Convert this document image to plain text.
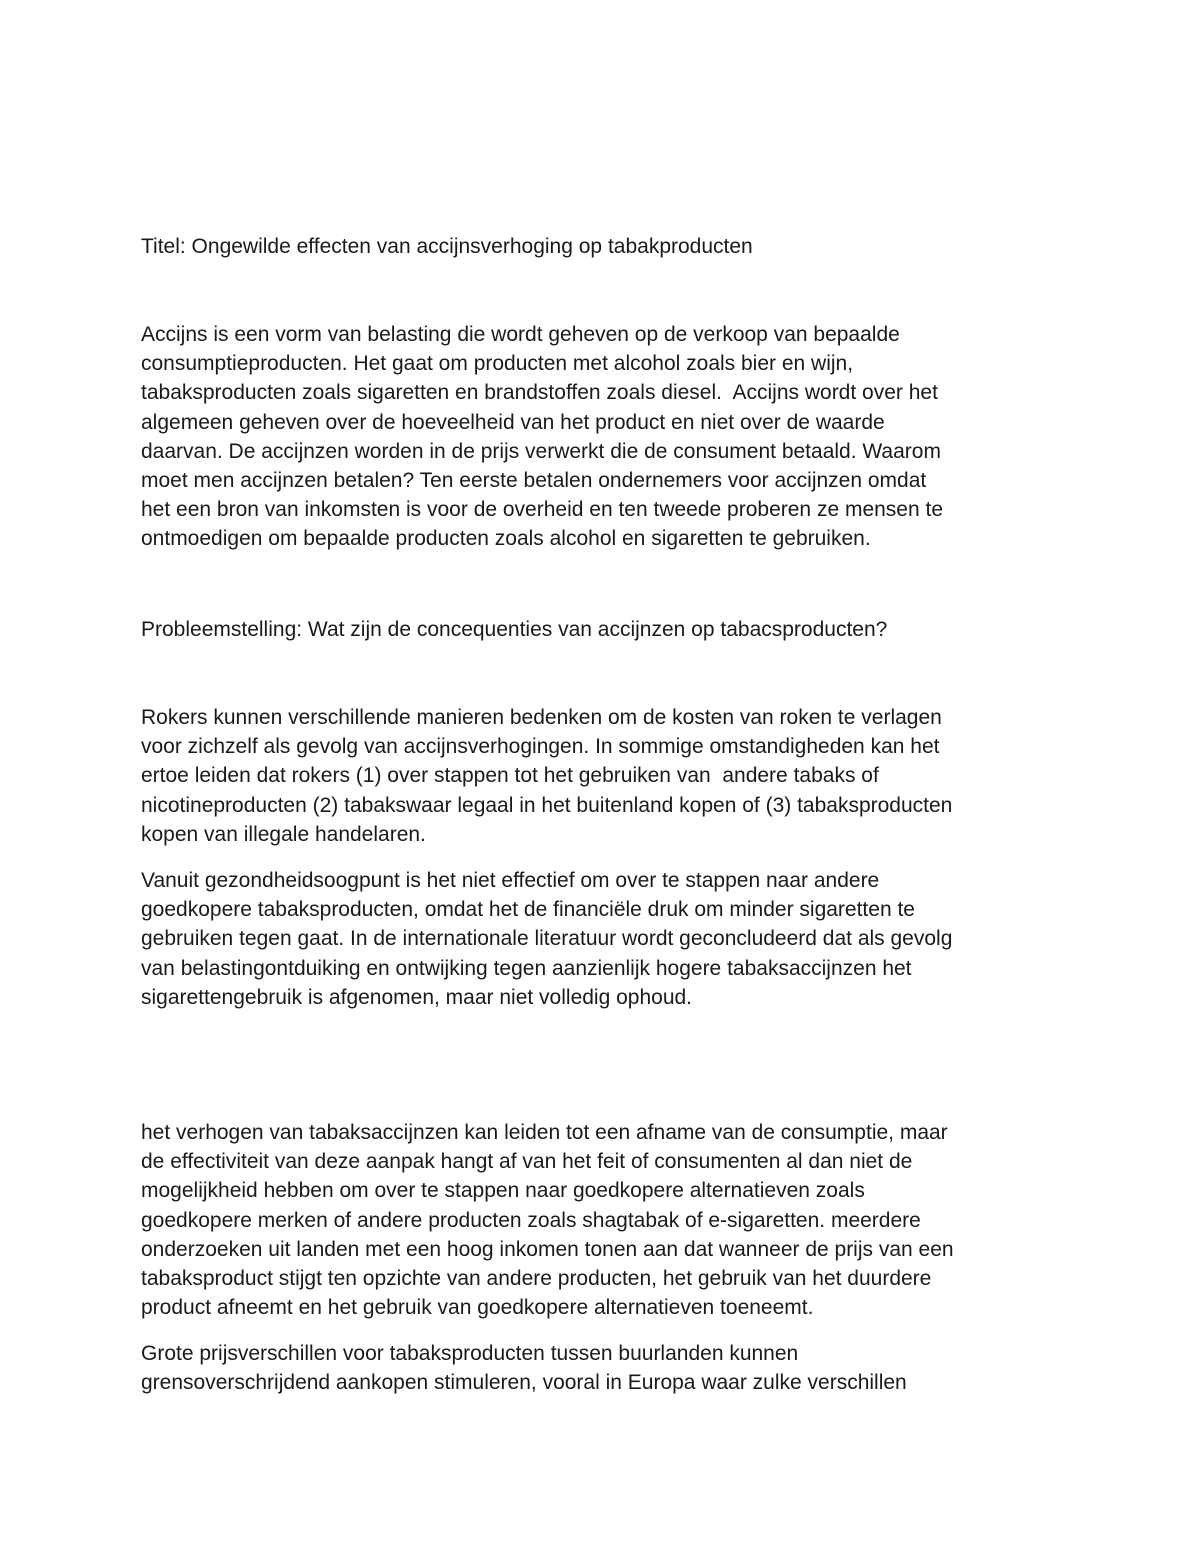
Titel: Ongewilde effecten van accijnsverhoging op tabakproducten

Accijns is een vorm van belasting die wordt geheven op de verkoop van bepaalde
consumptieproducten. Het gaat om producten met alcohol zoals bier en wijn,
tabaksproducten zoals sigaretten en brandstoffen zoals diesel.  Accijns wordt over het
algemeen geheven over de hoeveelheid van het product en niet over de waarde
daarvan. De accijnzen worden in de prijs verwerkt die de consument betaald. Waarom
moet men accijnzen betalen? Ten eerste betalen ondernemers voor accijnzen omdat
het een bron van inkomsten is voor de overheid en ten tweede proberen ze mensen te
ontmoedigen om bepaalde producten zoals alcohol en sigaretten te gebruiken.

Probleemstelling: Wat zijn de concequenties van accijnzen op tabacsproducten?

Rokers kunnen verschillende manieren bedenken om de kosten van roken te verlagen
voor zichzelf als gevolg van accijnsverhogingen. In sommige omstandigheden kan het
ertoe leiden dat rokers (1) over stappen tot het gebruiken van  andere tabaks of
nicotineproducten (2) tabakswaar legaal in het buitenland kopen of (3) tabaksproducten
kopen van illegale handelaren.

Vanuit gezondheidsoogpunt is het niet effectief om over te stappen naar andere
goedkopere tabaksproducten, omdat het de financiële druk om minder sigaretten te
gebruiken tegen gaat. In de internationale literatuur wordt geconcludeerd dat als gevolg
van belastingontduiking en ontwijking tegen aanzienlijk hogere tabaksaccijnzen het
sigarettengebruik is afgenomen, maar niet volledig ophoud.

het verhogen van tabaksaccijnzen kan leiden tot een afname van de consumptie, maar
de effectiviteit van deze aanpak hangt af van het feit of consumenten al dan niet de
mogelijkheid hebben om over te stappen naar goedkopere alternatieven zoals
goedkopere merken of andere producten zoals shagtabak of e-sigaretten. meerdere
onderzoeken uit landen met een hoog inkomen tonen aan dat wanneer de prijs van een
tabaksproduct stijgt ten opzichte van andere producten, het gebruik van het duurdere
product afneemt en het gebruik van goedkopere alternatieven toeneemt.

Grote prijsverschillen voor tabaksproducten tussen buurlanden kunnen
grensoverschrijdend aankopen stimuleren, vooral in Europa waar zulke verschillen
